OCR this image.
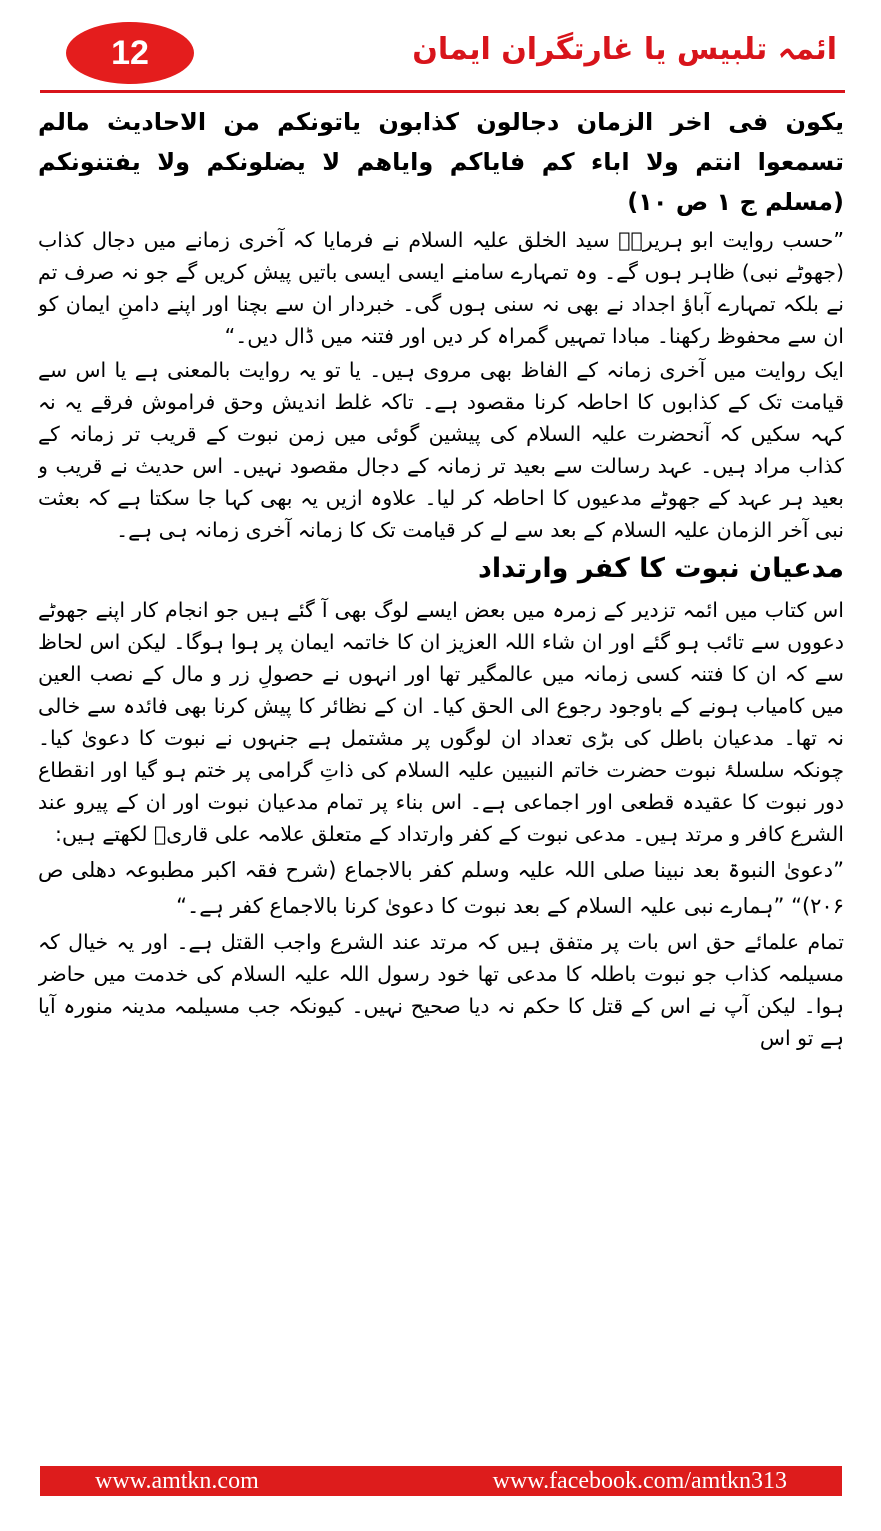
12	ائمہ تلبیس یا غارتگران ایمان

یکون فی اخر الزمان دجالون کذابون یاتونکم من الاحادیث مالم تسمعوا انتم ولا اباء کم فایاکم وایاھم لا یضلونکم ولا یفتنونکم (مسلم ج ۱ ص ۱۰)

”حسب روایت ابو ہریرہؓ سید الخلق علیہ السلام نے فرمایا کہ آخری زمانے میں دجال کذاب (جھوٹے نبی) ظاہر ہوں گے۔ وہ تمہارے سامنے ایسی ایسی باتیں پیش کریں گے جو نہ صرف تم نے بلکہ تمہارے آباؤ اجداد نے بھی نہ سنی ہوں گی۔ خبردار ان سے بچنا اور اپنے دامنِ ایمان کو ان سے محفوظ رکھنا۔ مبادا تمہیں گمراہ کر دیں اور فتنہ میں ڈال دیں۔“

ایک روایت میں آخری زمانہ کے الفاظ بھی مروی ہیں۔ یا تو یہ روایت بالمعنی ہے یا اس سے قیامت تک کے کذابوں کا احاطہ کرنا مقصود ہے۔ تاکہ غلط اندیش وحق فراموش فرقے یہ نہ کہہ سکیں کہ آنحضرت علیہ السلام کی پیشین گوئی میں زمن نبوت کے قریب تر زمانہ کے کذاب مراد ہیں۔ عہد رسالت سے بعید تر زمانہ کے دجال مقصود نہیں۔ اس حدیث نے قریب و بعید ہر عہد کے جھوٹے مدعیوں کا احاطہ کر لیا۔ علاوہ ازیں یہ بھی کہا جا سکتا ہے کہ بعثت نبی آخر الزمان علیہ السلام کے بعد سے لے کر قیامت تک کا زمانہ آخری زمانہ ہی ہے۔

مدعیان نبوت کا کفر وارتداد

اس کتاب میں ائمہ تزدیر کے زمرہ میں بعض ایسے لوگ بھی آ گئے ہیں جو انجام کار اپنے جھوٹے دعووں سے تائب ہو گئے اور ان شاء اللہ العزیز ان کا خاتمہ ایمان پر ہوا ہوگا۔ لیکن اس لحاظ سے کہ ان کا فتنہ کسی زمانہ میں عالمگیر تھا اور انہوں نے حصولِ زر و مال کے نصب العین میں کامیاب ہونے کے باوجود رجوع الی الحق کیا۔ ان کے نظائر کا پیش کرنا بھی فائدہ سے خالی نہ تھا۔ مدعیان باطل کی بڑی تعداد ان لوگوں پر مشتمل ہے جنہوں نے نبوت کا دعویٰ کیا۔ چونکہ سلسلۂ نبوت حضرت خاتم النبیین علیہ السلام کی ذاتِ گرامی پر ختم ہو گیا اور انقطاع دور نبوت کا عقیدہ قطعی اور اجماعی ہے۔ اس بناء پر تمام مدعیان نبوت اور ان کے پیرو عند الشرع کافر و مرتد ہیں۔ مدعی نبوت کے کفر وارتداد کے متعلق علامہ علی قاریؒ لکھتے ہیں:

”دعویٰ النبوۃ بعد نبینا صلی اللہ علیہ وسلم کفر بالاجماع (شرح فقہ اکبر مطبوعہ دھلی ص ۲۰۶)“ ”ہمارے نبی علیہ السلام کے بعد نبوت کا دعویٰ کرنا بالاجماع کفر ہے۔“

تمام علمائے حق اس بات پر متفق ہیں کہ مرتد عند الشرع واجب القتل ہے۔ اور یہ خیال کہ مسیلمہ کذاب جو نبوت باطلہ کا مدعی تھا خود رسول اللہ علیہ السلام کی خدمت میں حاضر ہوا۔ لیکن آپ نے اس کے قتل کا حکم نہ دیا صحیح نہیں۔ کیونکہ جب مسیلمہ مدینہ منورہ آیا ہے تو اس

www.amtkn.com	www.facebook.com/amtkn313
